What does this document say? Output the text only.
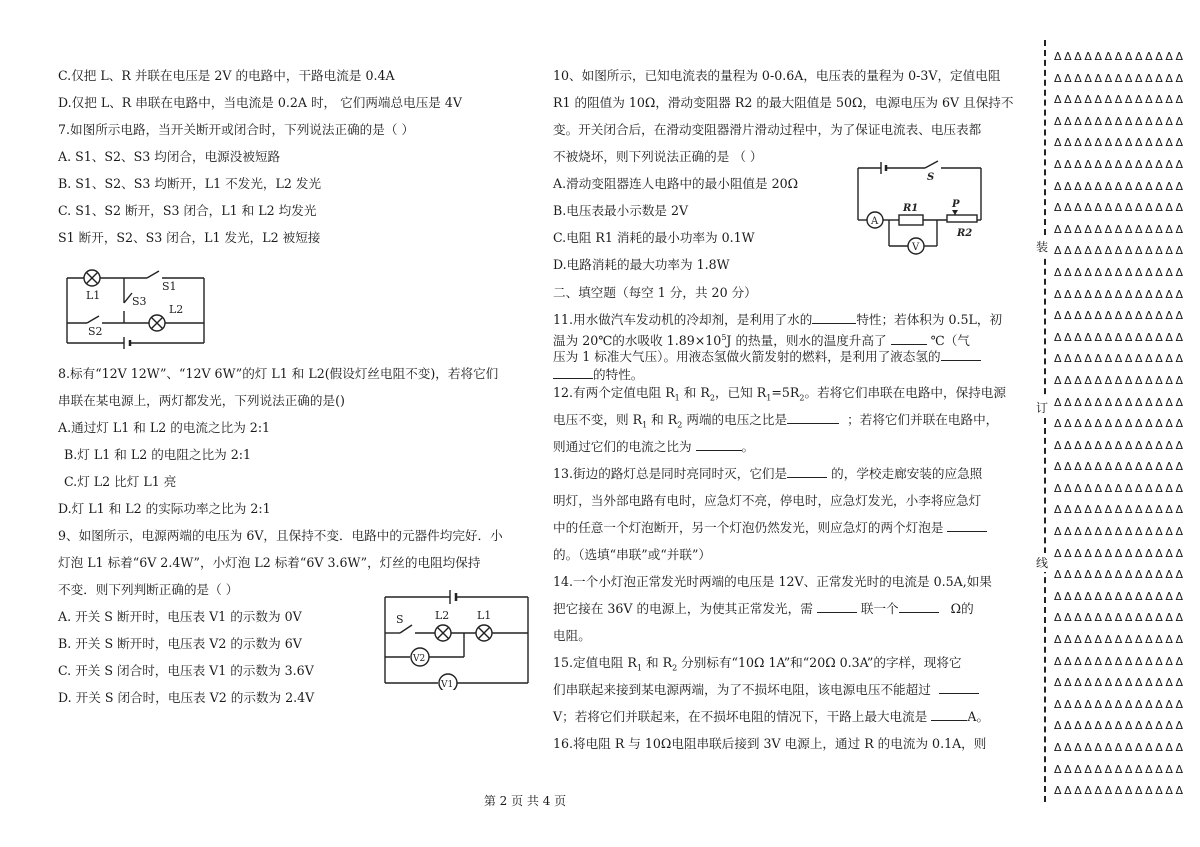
C.仅把 L、R 并联在电压是 2V 的电路中，干路电流是 0.4A
D.仅把 L、R 串联在电路中，当电流是 0.2A 时， 它们两端总电压是 4V
7.如图所示电路，当开关断开或闭合时，下列说法正确的是（ ）
A. S1、S2、S3 均闭合，电源没被短路
B. S1、S2、S3 均断开，L1 不发光，L2 发光
C. S1、S2 断开，S3 闭合，L1 和 L2 均发光
S1 断开，S2、S3 闭合，L1 发光，L2 被短接
L1
S1
S3
L2
S2
8.标有“12V 12W”、“12V 6W”的灯 L1 和 L2(假设灯丝电阻不变)，若将它们
串联在某电源上，两灯都发光，下列说法正确的是()
A.通过灯 L1 和 L2 的电流之比为 2:1
B.灯 L1 和 L2 的电阻之比为 2:1
C.灯 L2 比灯 L1 亮
D.灯 L1 和 L2 的实际功率之比为 2:1
9、如图所示，电源两端的电压为 6V，且保持不变．电路中的元器件均完好．小
灯泡 L1 标着“6V 2.4W”，小灯泡 L2 标着“6V 3.6W”，灯丝的电阻均保持
不变．则下列判断正确的是（ ）
A. 开关 S 断开时，电压表 V1 的示数为 0V
B. 开关 S 断开时，电压表 V2 的示数为 6V
C. 开关 S 闭合时，电压表 V1 的示数为 3.6V
D. 开关 S 闭合时，电压表 V2 的示数为 2.4V
S	L2	L1
V2
V1
10、如图所示，已知电流表的量程为 0-0.6A，电压表的量程为 0-3V，定值电阻
R1 的阻值为 10Ω，滑动变阻器 R2 的最大阻值是 50Ω，电源电压为 6V 且保持不
变。开关闭合后，在滑动变阻器滑片滑动过程中，为了保证电流表、电压表都
不被烧坏，则下列说法正确的是 （ ）
A.滑动变阻器连人电路中的最小阻值是 20Ω
B.电压表最小示数是 2V
C.电阻 R1 消耗的最小功率为 0.1W
D.电路消耗的最大功率为 1.8W
A
V
R1	P
R2
S
二、填空题（每空 1 分，共 20 分）
11.用水做汽车发动机的冷却剂，是利用了水的	特性；若体积为 0.5L，初
温为 20℃的水吸收 $1.89\times 10^5J$ 的热量，则水的温度升高了	℃（气
压为 1 标准大气压）。用液态氢做火箭发射的燃料，是利用了液态氢的
的特性。
12.有两个定值电阻 $R_1$ 和 $R_2$，已知 $R_1=5R_2$。若将它们串联在电路中，保持电源
电压不变，则 $R_1$ 和 $R_2$ 两端的电压之比是	；若将它们并联在电路中，
则通过它们的电流之比为	。
13.街边的路灯总是同时亮同时灭，它们是	的，学校走廊安装的应急照
明灯，当外部电路有电时，应急灯不亮，停电时，应急灯发光，小李将应急灯
中的任意一个灯泡断开，另一个灯泡仍然发光，则应急灯的两个灯泡是
的。（选填“串联”或“并联”）
14.一个小灯泡正常发光时两端的电压是 12V、正常发光时的电流是 0.5A,如果
把它接在 36V 的电源上，为使其正常发光，需	联一个	Ω的
电阻。
15.定值电阻 $R_1$ 和 $R_2$ 分别标有“10Ω 1A”和“20Ω 0.3A”的字样，现将它
们串联起来接到某电源两端，为了不损坏电阻，该电源电压不能超过
V；若将它们并联起来，在不损坏电阻的情况下，干路上最大电流是	A。
16.将电阻 R 与 10Ω电阻串联后接到 3V 电源上，通过 R 的电流为 0.1A，则
第 2 页 共 4 页
ΔΔΔΔΔΔΔΔΔΔΔΔΔ
ΔΔΔΔΔΔΔΔΔΔΔΔΔ
ΔΔΔΔΔΔΔΔΔΔΔΔΔ
ΔΔΔΔΔΔΔΔΔΔΔΔΔ
ΔΔΔΔΔΔΔΔΔΔΔΔΔ
ΔΔΔΔΔΔΔΔΔΔΔΔΔ
ΔΔΔΔΔΔΔΔΔΔΔΔΔ
ΔΔΔΔΔΔΔΔΔΔΔΔΔ
ΔΔΔΔΔΔΔΔΔΔΔΔΔ
ΔΔΔΔΔΔΔΔΔΔΔΔΔ
ΔΔΔΔΔΔΔΔΔΔΔΔΔ
ΔΔΔΔΔΔΔΔΔΔΔΔΔ
ΔΔΔΔΔΔΔΔΔΔΔΔΔ
ΔΔΔΔΔΔΔΔΔΔΔΔΔ
ΔΔΔΔΔΔΔΔΔΔΔΔΔ
ΔΔΔΔΔΔΔΔΔΔΔΔΔ
ΔΔΔΔΔΔΔΔΔΔΔΔΔ
ΔΔΔΔΔΔΔΔΔΔΔΔΔ
ΔΔΔΔΔΔΔΔΔΔΔΔΔ
ΔΔΔΔΔΔΔΔΔΔΔΔΔ
ΔΔΔΔΔΔΔΔΔΔΔΔΔ
ΔΔΔΔΔΔΔΔΔΔΔΔΔ
ΔΔΔΔΔΔΔΔΔΔΔΔΔ
ΔΔΔΔΔΔΔΔΔΔΔΔΔ
ΔΔΔΔΔΔΔΔΔΔΔΔΔ
ΔΔΔΔΔΔΔΔΔΔΔΔΔ
ΔΔΔΔΔΔΔΔΔΔΔΔΔ
ΔΔΔΔΔΔΔΔΔΔΔΔΔ
ΔΔΔΔΔΔΔΔΔΔΔΔΔ
ΔΔΔΔΔΔΔΔΔΔΔΔΔ
ΔΔΔΔΔΔΔΔΔΔΔΔΔ
ΔΔΔΔΔΔΔΔΔΔΔΔΔ
ΔΔΔΔΔΔΔΔΔΔΔΔΔ
ΔΔΔΔΔΔΔΔΔΔΔΔΔ
ΔΔΔΔΔΔΔΔΔΔΔΔΔ
装
订
线
